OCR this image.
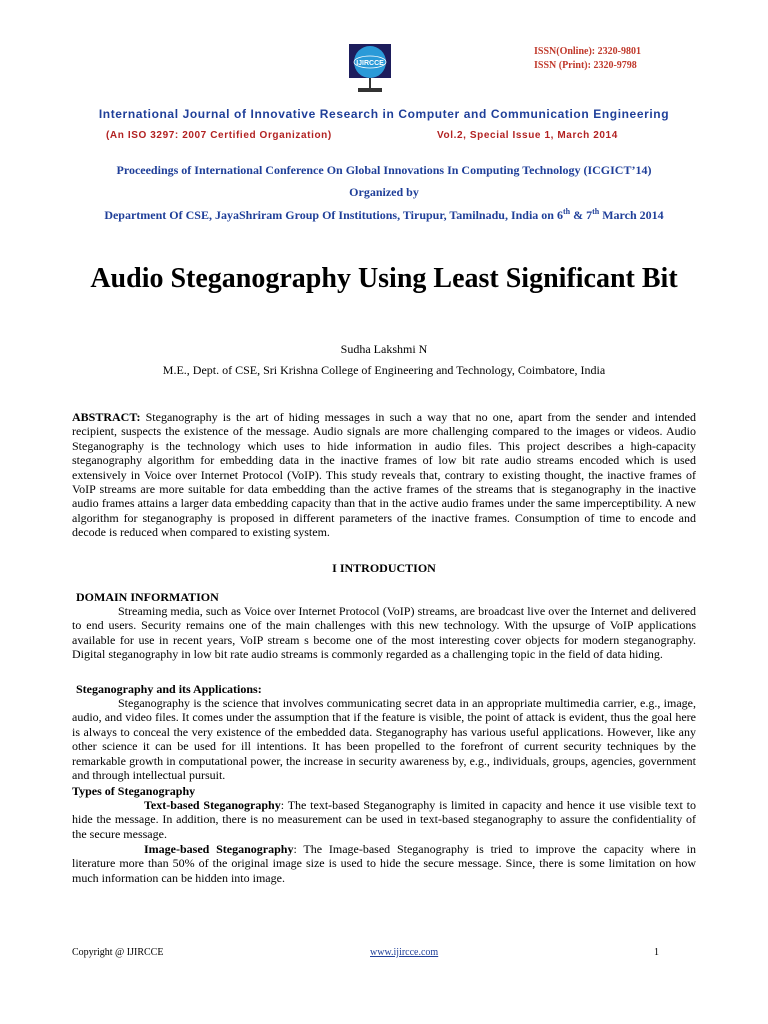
ISSN(Online): 2320-9801
ISSN (Print): 2320-9798
IJIRCCE
International Journal of Innovative Research in Computer and Communication Engineering
(An ISO 3297: 2007 Certified Organization)	Vol.2, Special Issue 1, March 2014
Proceedings of International Conference On Global Innovations In Computing Technology (ICGICT’14)
Organized by
Department Of CSE, JayaShriram Group Of Institutions, Tirupur, Tamilnadu, India on 6th & 7th March 2014
Audio Steganography Using Least Significant Bit
Sudha Lakshmi N
M.E., Dept. of CSE, Sri Krishna College of Engineering and Technology, Coimbatore, India
ABSTRACT: Steganography is the art of hiding messages in such a way that no one, apart from the sender and intended recipient, suspects the existence of the message. Audio signals are more challenging compared to the images or videos. Audio Steganography is the technology which uses to hide information in audio files. This project describes a high-capacity steganography algorithm for embedding data in the inactive frames of low bit rate audio streams encoded which is used extensively in Voice over Internet Protocol (VoIP). This study reveals that, contrary to existing thought, the inactive frames of VoIP streams are more suitable for data embedding than the active frames of the streams that is steganography in the inactive audio frames attains a larger data embedding capacity than that in the active audio frames under the same imperceptibility. A new algorithm for steganography is proposed in different parameters of the inactive frames. Consumption of time to encode and decode is reduced when compared to existing system.
I INTRODUCTION
DOMAIN INFORMATION
Streaming media, such as Voice over Internet Protocol (VoIP) streams, are broadcast live over the Internet and delivered to end users. Security remains one of the main challenges with this new technology. With the upsurge of VoIP applications available for use in recent years, VoIP stream s become one of the most interesting cover objects for modern steganography. Digital steganography in low bit rate audio streams is commonly regarded as a challenging topic in the field of data hiding.
Steganography and its Applications:
Steganography is the science that involves communicating secret data in an appropriate multimedia carrier, e.g., image, audio, and video files. It comes under the assumption that if the feature is visible, the point of attack is evident, thus the goal here is always to conceal the very existence of the embedded data. Steganography has various useful applications. However, like any other science it can be used for ill intentions. It has been propelled to the forefront of current security techniques by the remarkable growth in computational power, the increase in security awareness by, e.g., individuals, groups, agencies, government and through intellectual pursuit.
Types of Steganography
Text-based Steganography: The text-based Steganography is limited in capacity and hence it use visible text to hide the message. In addition, there is no measurement can be used in text-based steganography to assure the confidentiality of the secure message.
Image-based Steganography: The Image-based Steganography is tried to improve the capacity where in literature more than 50% of the original image size is used to hide the secure message. Since, there is some limitation on how much information can be hidden into image.
Copyright @ IJIRCCE	www.ijircce.com	1
